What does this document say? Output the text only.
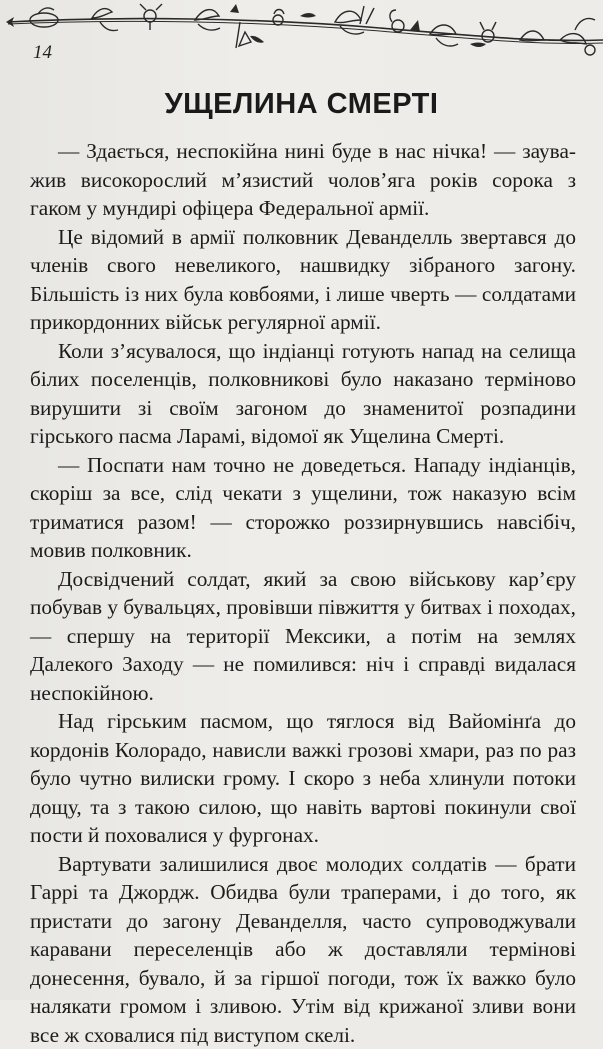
14
УЩЕЛИНА СМЕРТІ

— Здається, неспокійна нині буде в нас нічка! — зауважив високорослий м’язистий чолов’яга років сорока з гаком у мундирі офіцера Федеральної армії.

Це відомий в армії полковник Деванделль звертався до членів свого невеликого, нашвидку зібраного загону. Більшість із них була ковбоями, і лише чверть — солдатами прикордонних військ регулярної армії.

Коли з’ясувалося, що індіанці готують напад на селища білих поселенців, полковникові було наказано терміново вирушити зі своїм загоном до знаменитої розпадини гірського пасма Ларамі, відомої як Ущелина Смерті.

— Поспати нам точно не доведеться. Нападу індіанців, скоріш за все, слід чекати з ущелини, тож наказую всім триматися разом! — сторожко роззирнувшись навсібіч, мовив полковник.

Досвідчений солдат, який за свою військову кар’єру побував у бувальцях, провівши півжиття у битвах і походах, — спершу на території Мексики, а потім на землях Далекого Заходу — не помилився: ніч і справді видалася неспокійною.

Над гірським пасмом, що тяглося від Вайомінґа до кордонів Колорадо, нависли важкі грозові хмари, раз по раз було чутно вилиски грому. І скоро з неба хлинули потоки дощу, та з такою силою, що навіть вартові покинули свої пости й поховалися у фургонах.

Вартувати залишилися двоє молодих солдатів — брати Гаррі та Джордж. Обидва були траперами, і до того, як пристати до загону Деванделля, часто супроводжували каравани переселенців або ж доставляли термінові донесення, бувало, й за гіршої погоди, тож їх важко було налякати громом і зливою. Утім від крижаної зливи вони все ж сховалися під виступом скелі.
